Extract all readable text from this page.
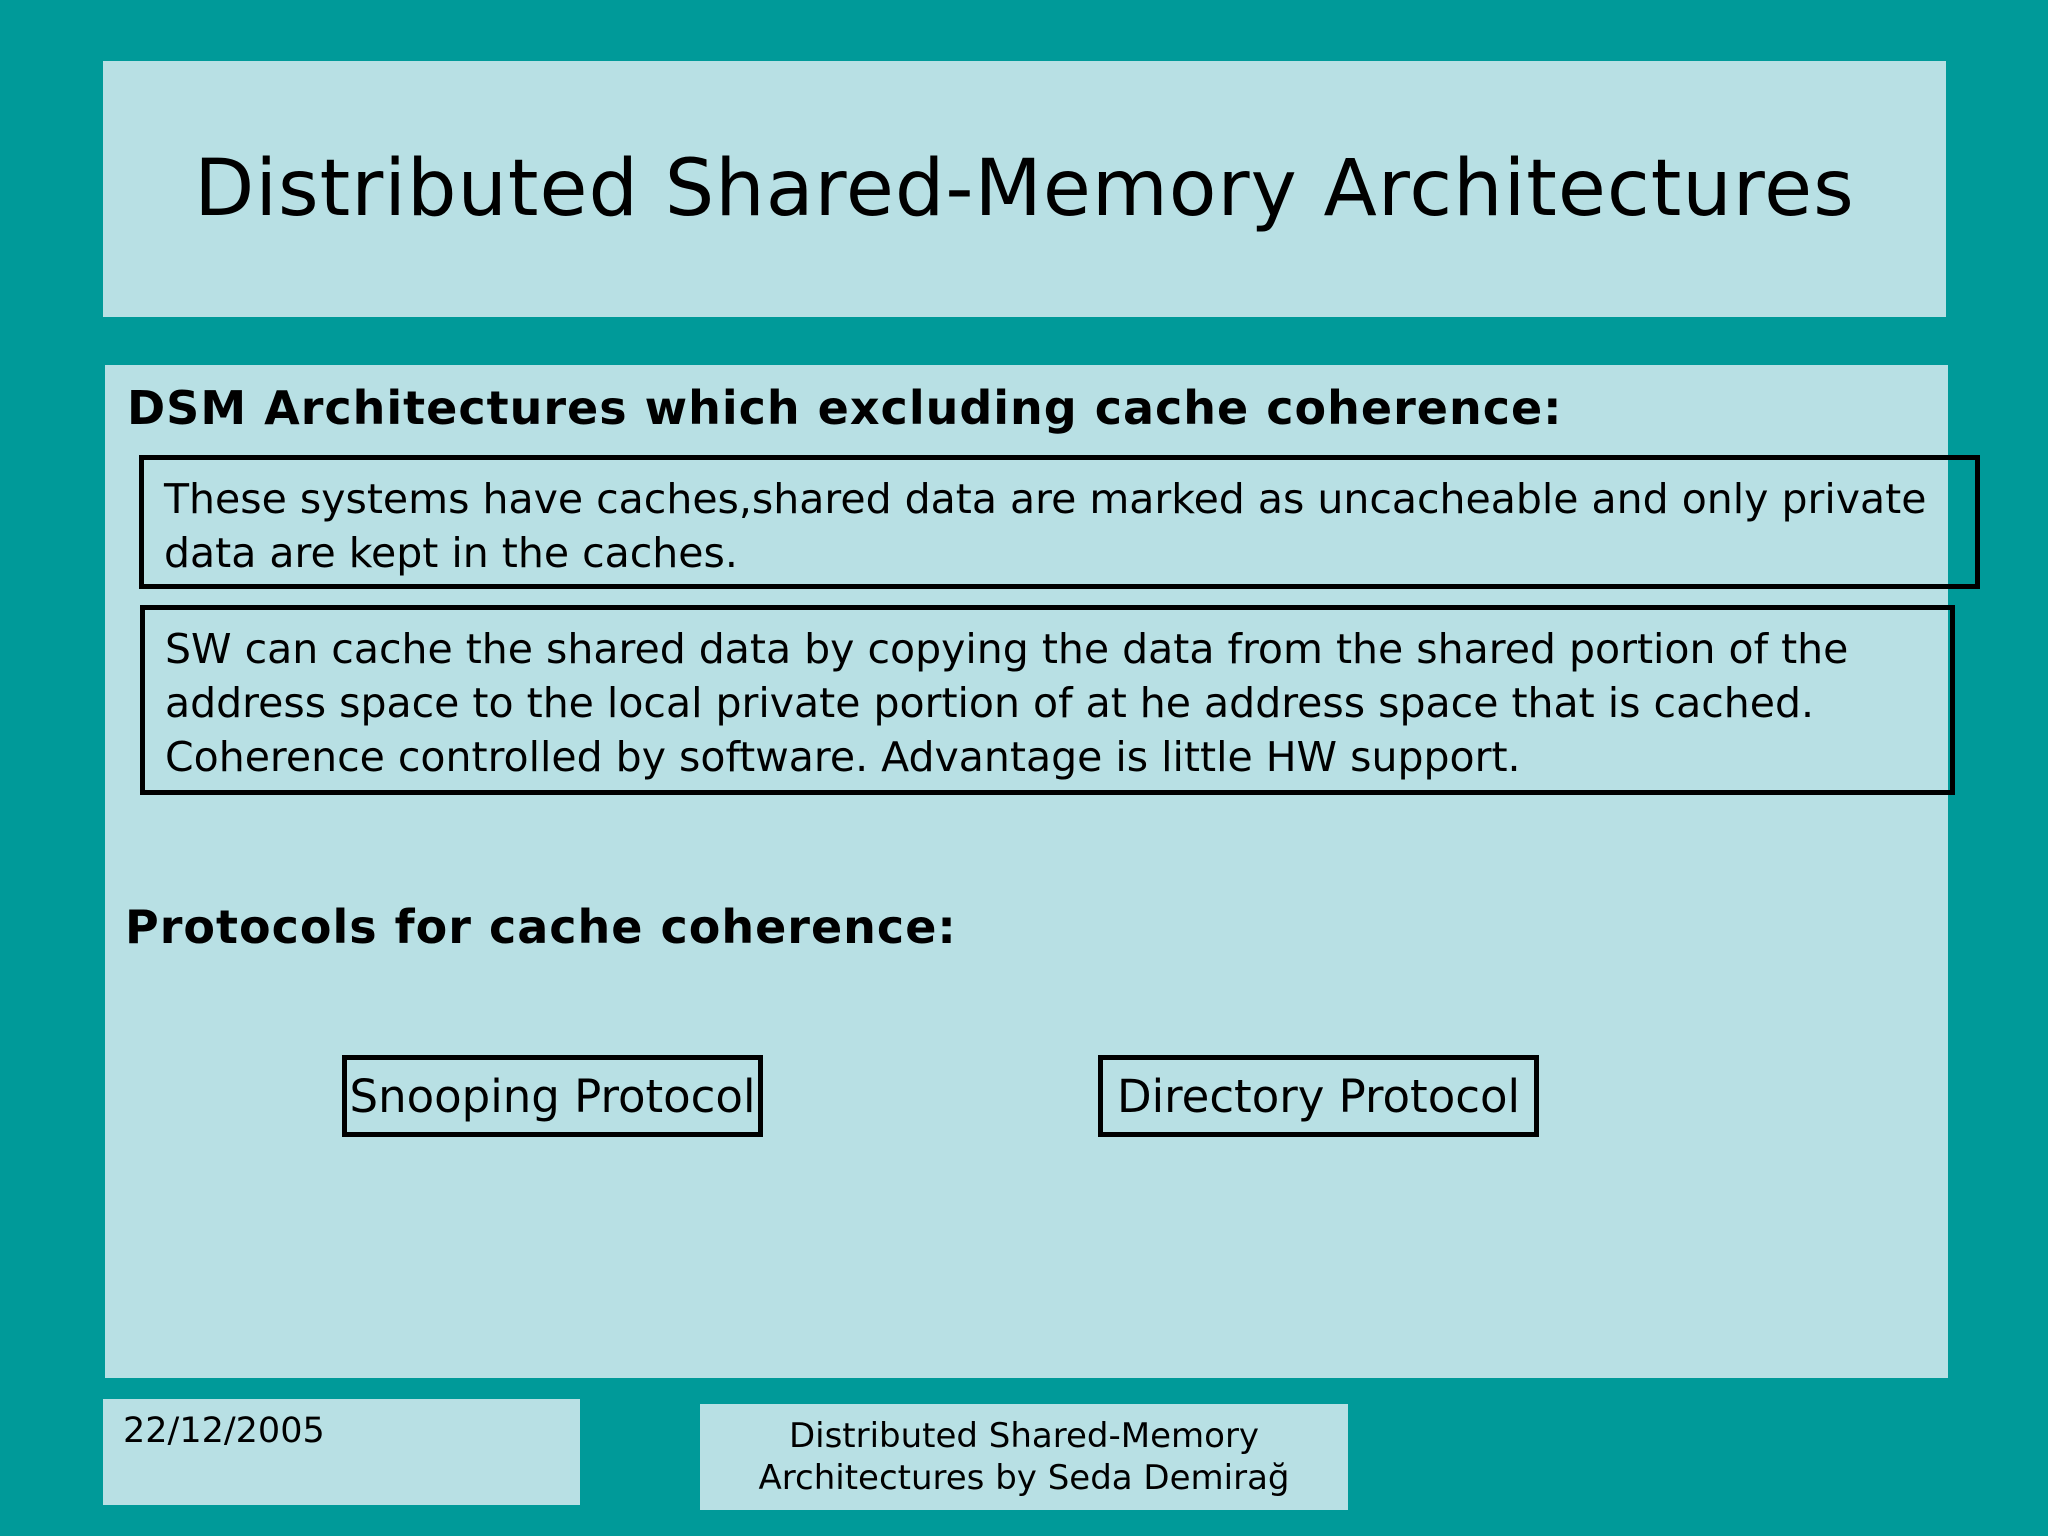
Distributed Shared-Memory Architectures
DSM Architectures which excluding cache coherence:
These systems have caches,shared data are marked as uncacheable and only private data are kept in the caches.
SW can cache the shared data by copying the data from the shared portion of the address space to the local private portion of at he address space that is cached. Coherence controlled by software. Advantage is little HW support.
Protocols for cache coherence:
Snooping Protocol	Directory Protocol
22/12/2005	Distributed Shared-Memory
Architectures by Seda Demirağ
